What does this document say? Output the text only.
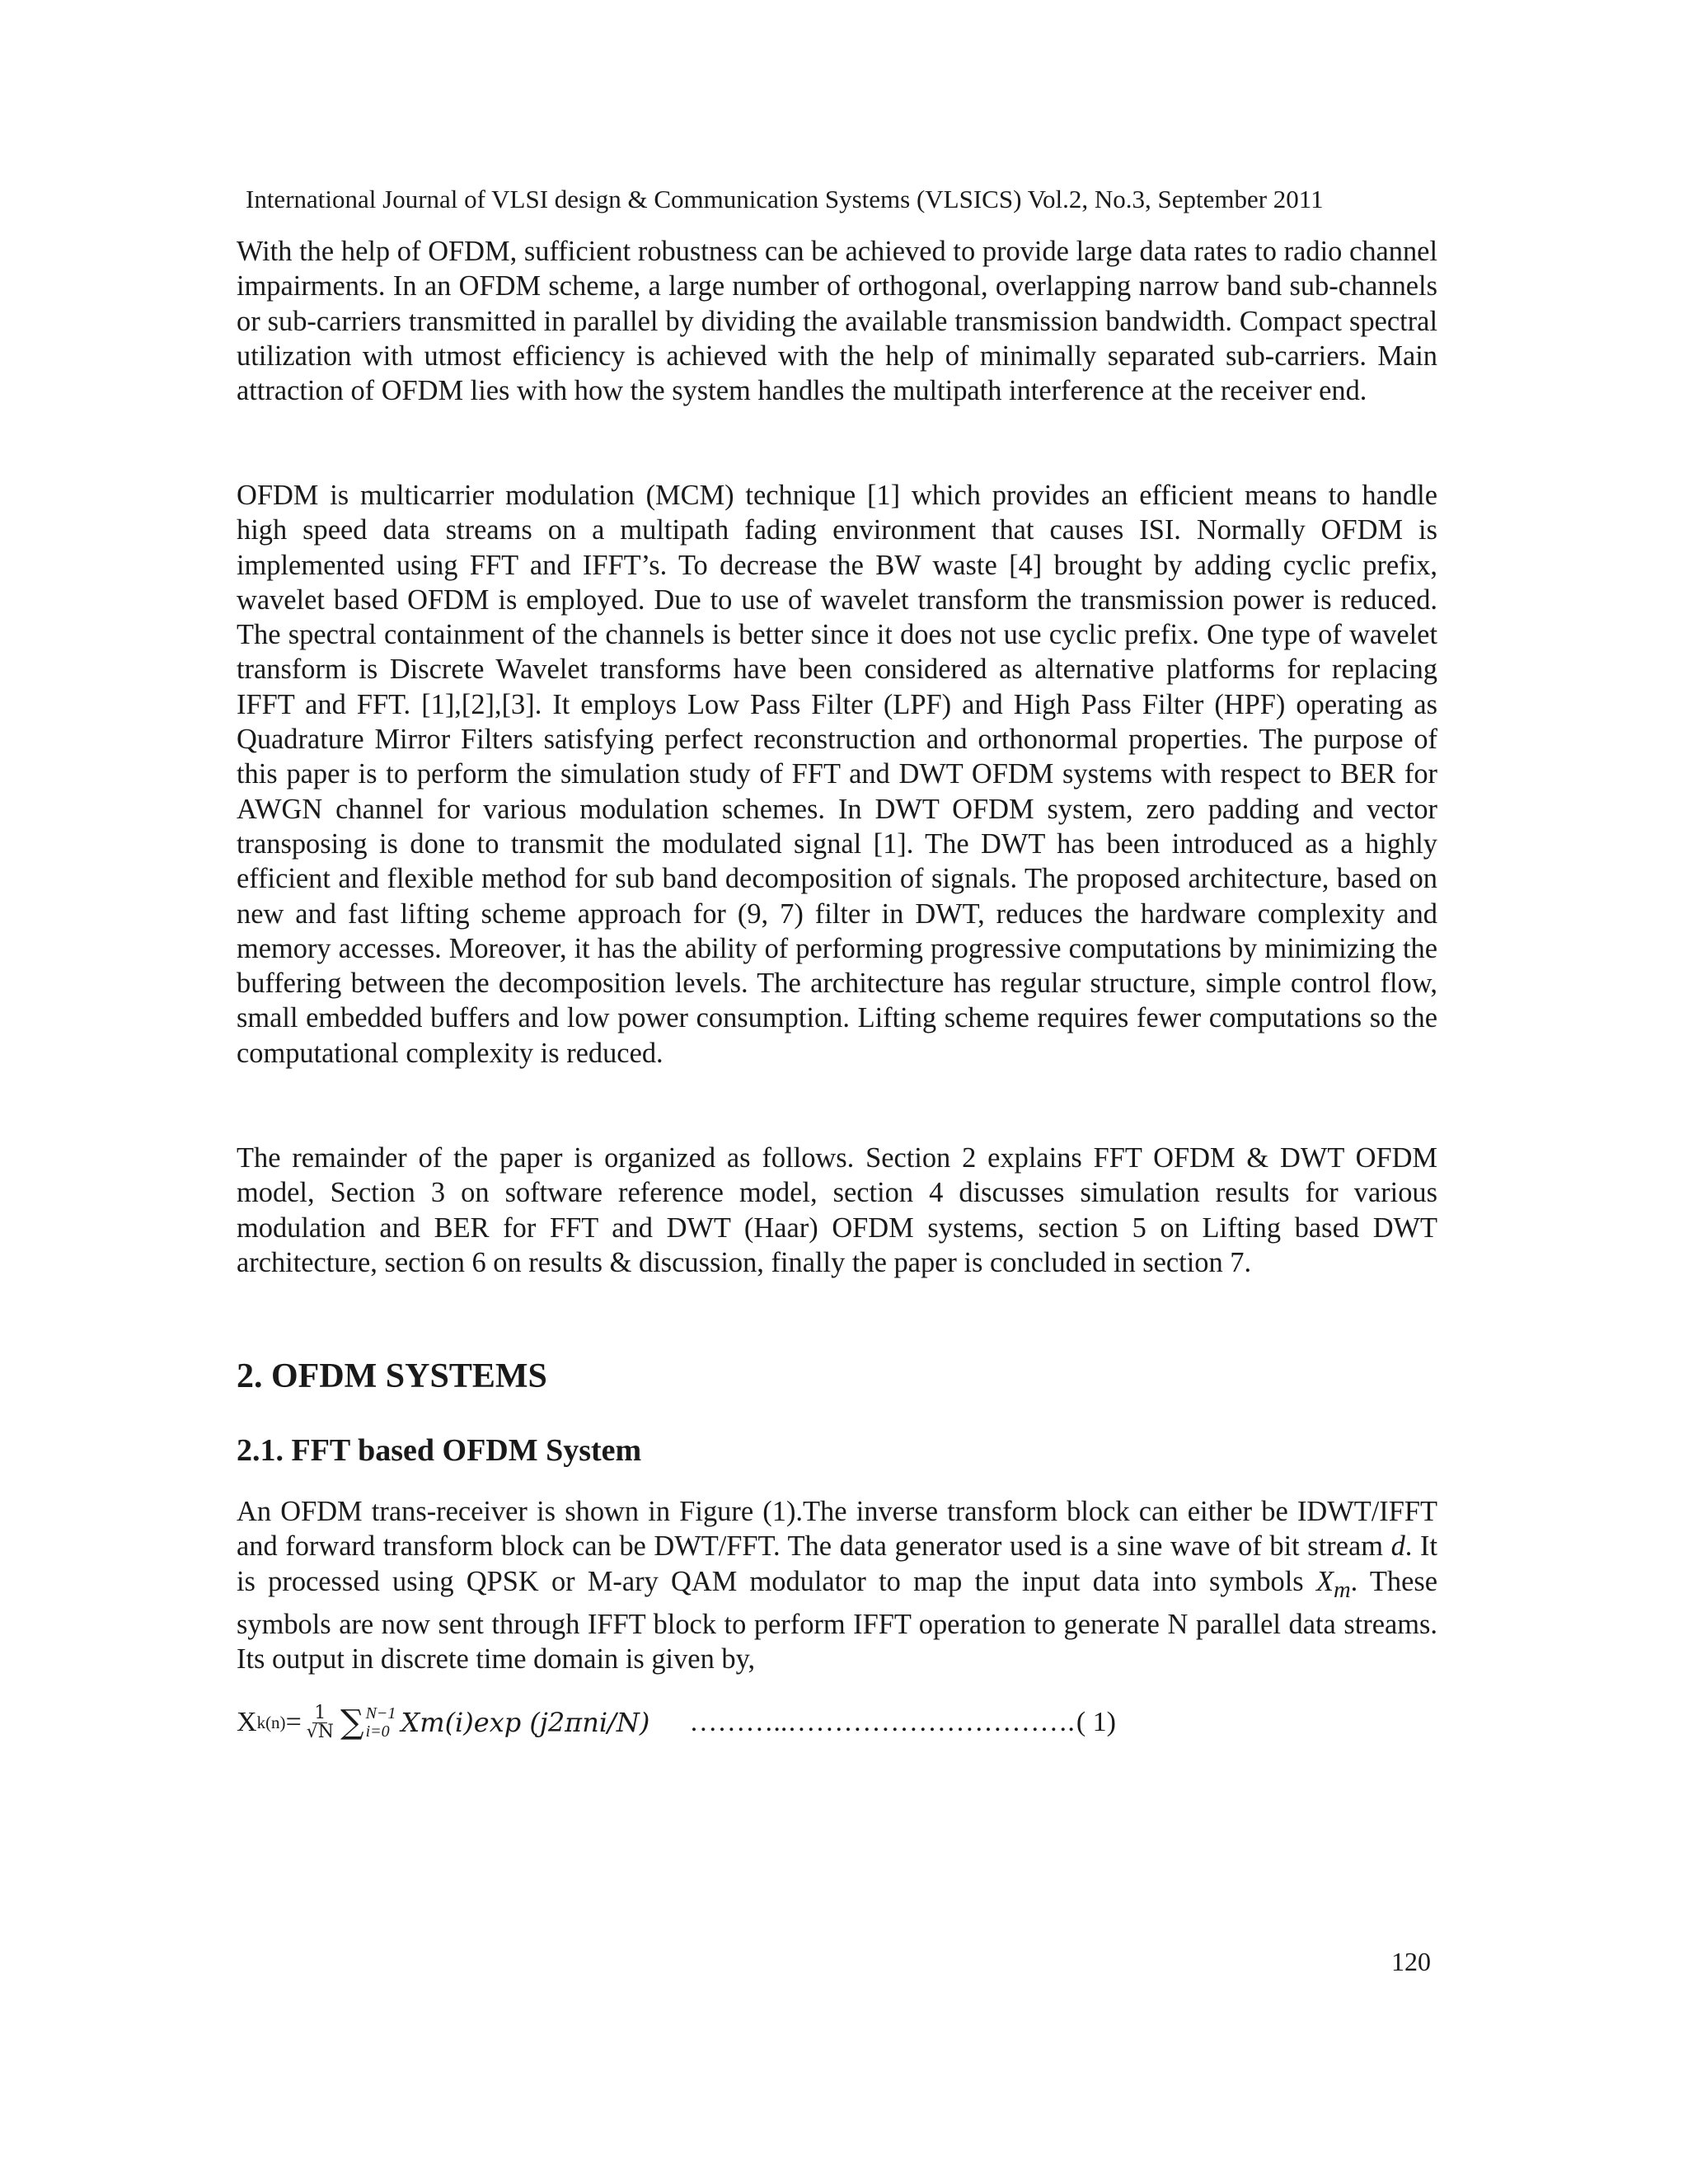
International Journal of VLSI design & Communication Systems (VLSICS) Vol.2, No.3, September 2011

With the help of OFDM, sufficient robustness can be achieved to provide large data rates to radio channel impairments. In an OFDM scheme, a large number of orthogonal, overlapping narrow band sub-channels or sub-carriers transmitted in parallel by dividing the available transmission bandwidth. Compact spectral utilization with utmost efficiency is achieved with the help of minimally separated sub-carriers. Main attraction of OFDM lies with how the system handles the multipath interference at the receiver end.

OFDM is multicarrier modulation (MCM) technique [1] which provides an efficient means to handle high speed data streams on a multipath fading environment that causes ISI. Normally OFDM is implemented using FFT and IFFT’s. To decrease the BW waste [4] brought by adding cyclic prefix, wavelet based OFDM is employed. Due to use of wavelet transform the transmission power is reduced. The spectral containment of the channels is better since it does not use cyclic prefix. One type of wavelet transform is Discrete Wavelet transforms have been considered as alternative platforms for replacing IFFT and FFT. [1],[2],[3]. It employs Low Pass Filter (LPF) and High Pass Filter (HPF) operating as Quadrature Mirror Filters satisfying perfect reconstruction and orthonormal properties. The purpose of this paper is to perform the simulation study of FFT and DWT OFDM systems with respect to BER for AWGN channel for various modulation schemes. In DWT OFDM system, zero padding and vector transposing is done to transmit the modulated signal [1]. The DWT has been introduced as a highly efficient and flexible method for sub band decomposition of signals. The proposed architecture, based on new and fast lifting scheme approach for (9, 7) filter in DWT, reduces the hardware complexity and memory accesses. Moreover, it has the ability of performing progressive computations by minimizing the buffering between the decomposition levels. The architecture has regular structure, simple control flow, small embedded buffers and low power consumption. Lifting scheme requires fewer computations so the computational complexity is reduced.

The remainder of the paper is organized as follows. Section 2 explains FFT OFDM & DWT OFDM model, Section 3 on software reference model, section 4 discusses simulation results for various modulation and BER for FFT and DWT (Haar) OFDM systems, section 5 on Lifting based DWT architecture, section 6 on results & discussion, finally the paper is concluded in section 7.

2. OFDM SYSTEMS
2.1. FFT based OFDM System

An OFDM trans-receiver is shown in Figure (1).The inverse transform block can either be IDWT/IFFT and forward transform block can be DWT/FFT. The data generator used is a sine wave of bit stream d. It is processed using QPSK or M-ary QAM modulator to map the input data into symbols $X_m$. These symbols are now sent through IFFT block to perform IFFT operation to generate N parallel data streams. Its output in discrete time domain is given by,

X $k(n) = \frac{1}{√N}$ ∑ N−1
i=0 Xm(i)exp (j2πni/N) ………..…………………………. ( 1)
120
